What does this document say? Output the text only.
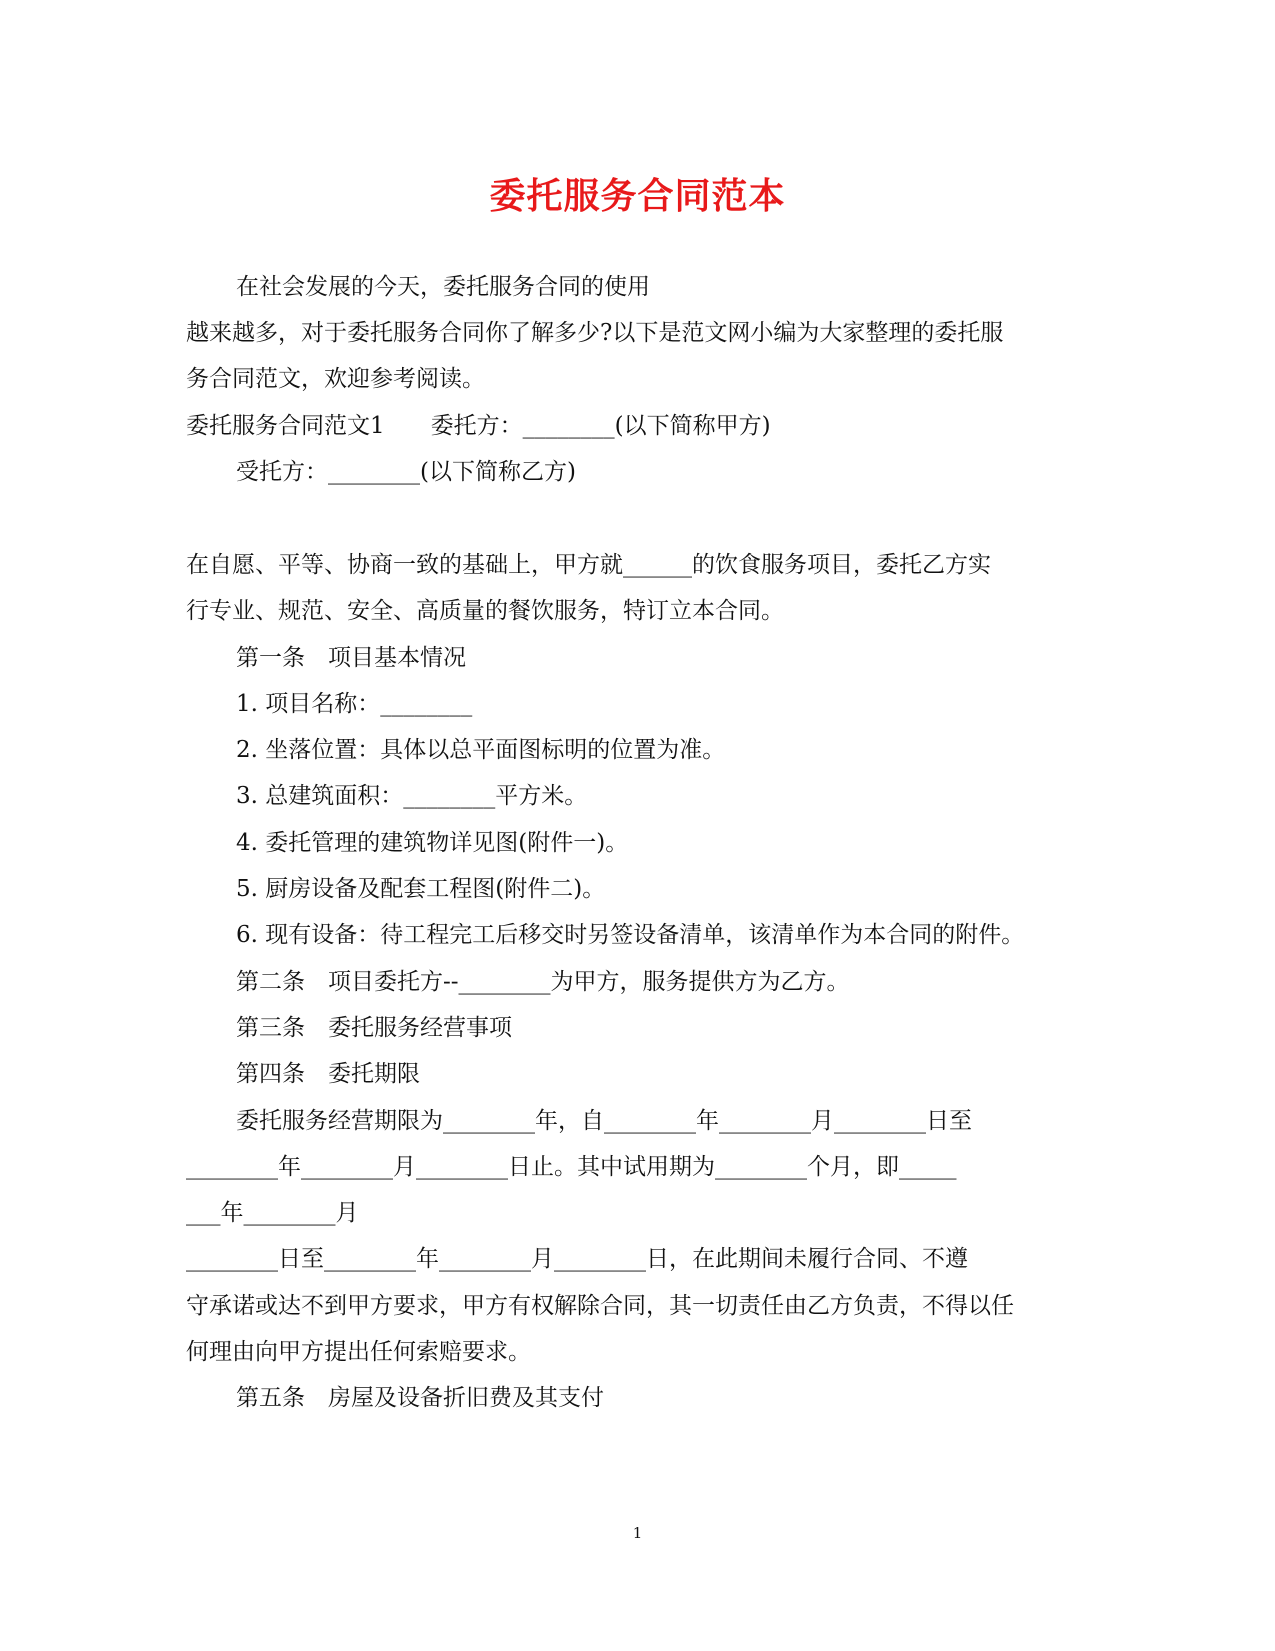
委托服务合同范本
在社会发展的今天，委托服务合同的使用
越来越多，对于委托服务合同你了解多少?以下是范文网小编为大家整理的委托服
务合同范文，欢迎参考阅读。
委托服务合同范文1　　委托方：________(以下简称甲方)
受托方：________(以下简称乙方)
在自愿、平等、协商一致的基础上，甲方就______的饮食服务项目，委托乙方实
行专业、规范、安全、高质量的餐饮服务，特订立本合同。
第一条　项目基本情况
1. 项目名称：________
2. 坐落位置：具体以总平面图标明的位置为准。
3. 总建筑面积：________平方米。
4. 委托管理的建筑物详见图(附件一)。
5. 厨房设备及配套工程图(附件二)。
6. 现有设备：待工程完工后移交时另签设备清单，该清单作为本合同的附件。
第二条　项目委托方--________为甲方，服务提供方为乙方。
第三条　委托服务经营事项
第四条　委托期限
委托服务经营期限为________年，自________年________月________日至
________年________月________日止。其中试用期为________个月，即_____
___年________月
________日至________年________月________日，在此期间未履行合同、不遵
守承诺或达不到甲方要求，甲方有权解除合同，其一切责任由乙方负责，不得以任
何理由向甲方提出任何索赔要求。
第五条　房屋及设备折旧费及其支付
1
